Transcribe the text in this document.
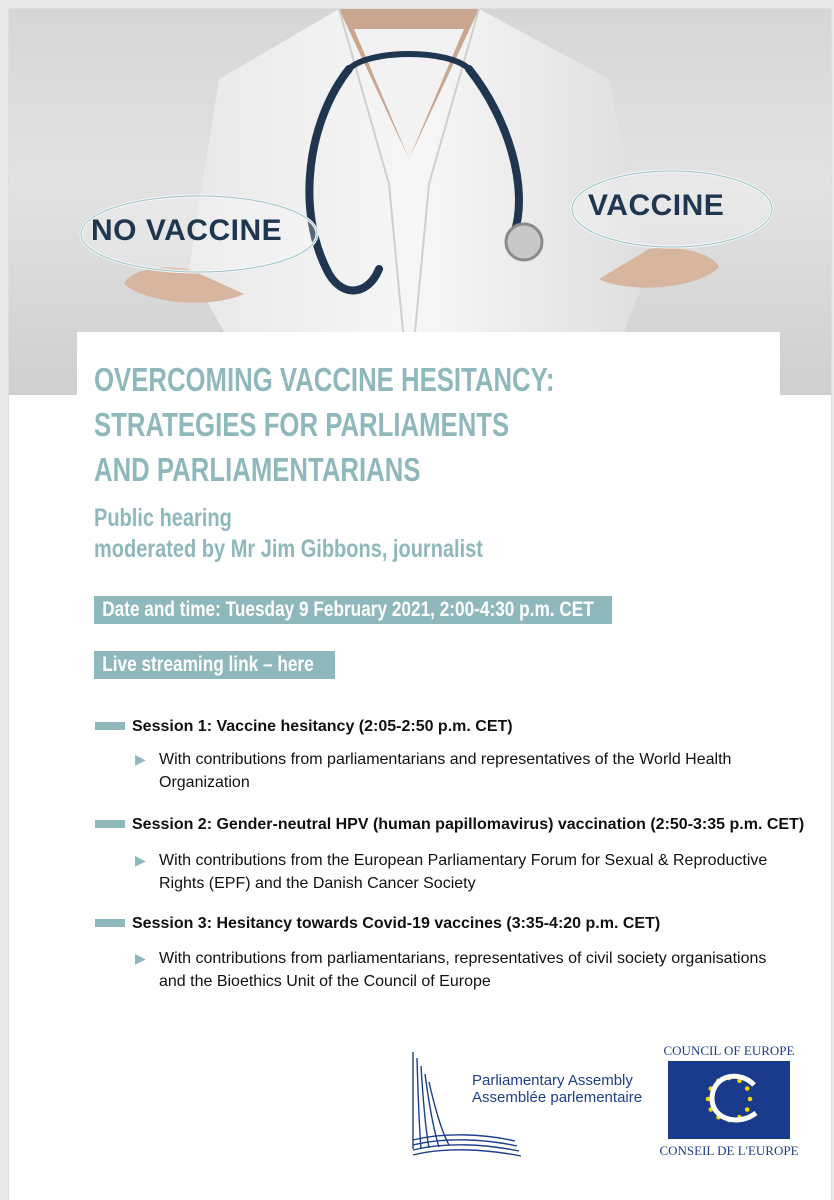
NO VACCINE
VACCINE
OVERCOMING VACCINE HESITANCY:
STRATEGIES FOR PARLIAMENTS
AND PARLIAMENTARIANS
Public hearing
moderated by Mr Jim Gibbons, journalist
Date and time: Tuesday 9 February 2021, 2:00-4:30 p.m. CET
Live streaming link – here
Session 1: Vaccine hesitancy (2:05-2:50 p.m. CET)
▶ With contributions from parliamentarians and representatives of the World Health
Organization
Session 2: Gender-neutral HPV (human papillomavirus) vaccination (2:50-3:35 p.m. CET)
▶ With contributions from the European Parliamentary Forum for Sexual & Reproductive
Rights (EPF) and the Danish Cancer Society
Session 3: Hesitancy towards Covid-19 vaccines (3:35-4:20 p.m. CET)
▶ With contributions from parliamentarians, representatives of civil society organisations
and the Bioethics Unit of the Council of Europe
Parliamentary Assembly
Assemblée parlementaire
COUNCIL OF EUROPE
CONSEIL DE L'EUROPE
